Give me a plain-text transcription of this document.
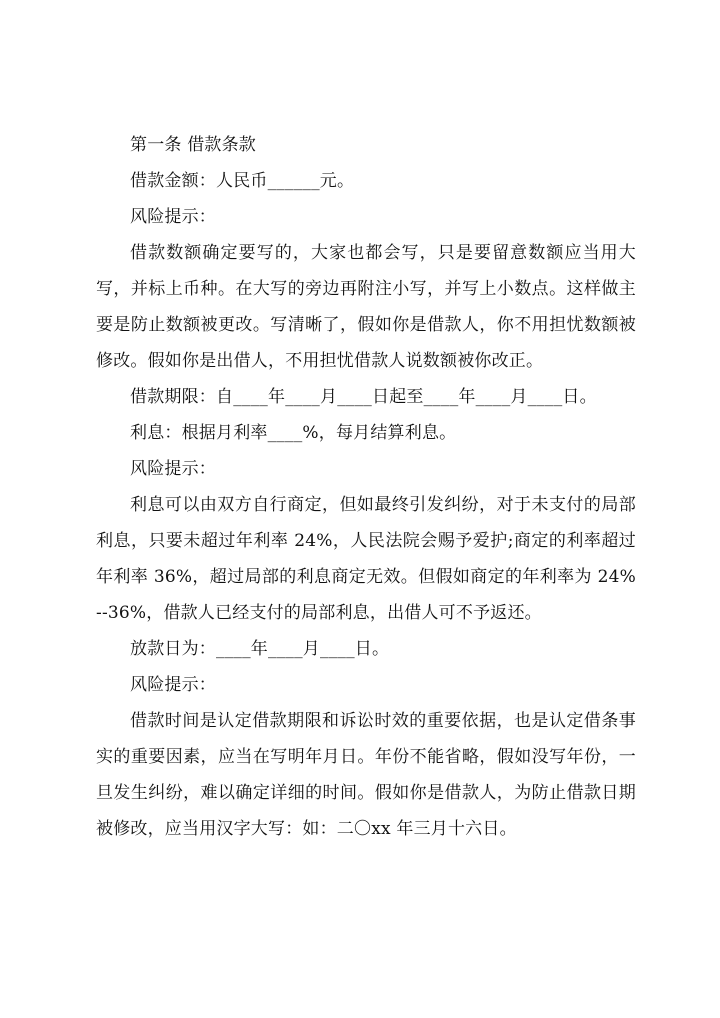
第一条 借款条款

借款金额：人民币______元。

风险提示：

借款数额确定要写的，大家也都会写，只是要留意数额应当用大写，并标上币种。在大写的旁边再附注小写，并写上小数点。这样做主要是防止数额被更改。写清晰了，假如你是借款人，你不用担忧数额被修改。假如你是出借人，不用担忧借款人说数额被你改正。

借款期限：自____年____月____日起至____年____月____日。

利息：根据月利率____%，每月结算利息。

风险提示：

利息可以由双方自行商定，但如最终引发纠纷，对于未支付的局部利息，只要未超过年利率 24%，人民法院会赐予爱护;商定的利率超过年利率 36%，超过局部的利息商定无效。但假如商定的年利率为 24%--36%，借款人已经支付的局部利息，出借人可不予返还。

放款日为：____年____月____日。

风险提示：

借款时间是认定借款期限和诉讼时效的重要依据，也是认定借条事实的重要因素，应当在写明年月日。年份不能省略，假如没写年份，一旦发生纠纷，难以确定详细的时间。假如你是借款人，为防止借款日期被修改，应当用汉字大写：如：二〇xx 年三月十六日。
